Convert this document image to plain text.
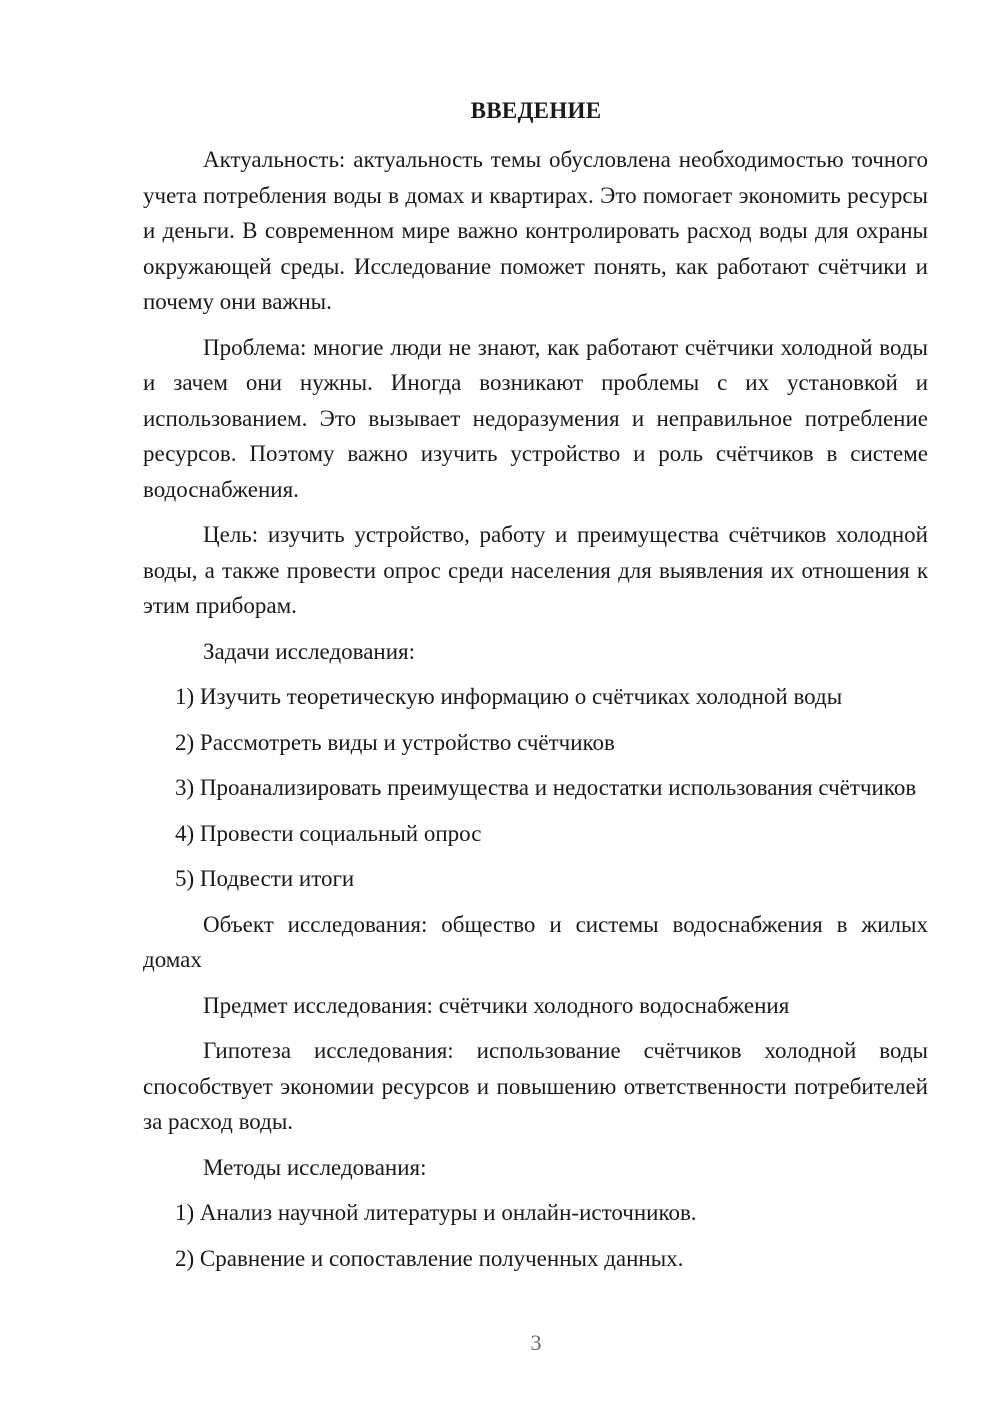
ВВЕДЕНИЕ

Актуальность: актуальность темы обусловлена необходимостью точного учета потребления воды в домах и квартирах. Это помогает экономить ресурсы и деньги. В современном мире важно контролировать расход воды для охраны окружающей среды. Исследование поможет понять, как работают счётчики и почему они важны.

Проблема: многие люди не знают, как работают счётчики холодной воды и зачем они нужны. Иногда возникают проблемы с их установкой и использованием. Это вызывает недоразумения и неправильное потребление ресурсов. Поэтому важно изучить устройство и роль счётчиков в системе водоснабжения.

Цель: изучить устройство, работу и преимущества счётчиков холодной воды, а также провести опрос среди населения для выявления их отношения к этим приборам.

Задачи исследования:

1) Изучить теоретическую информацию о счётчиках холодной воды

2) Рассмотреть виды и устройство счётчиков

3) Проанализировать преимущества и недостатки использования счётчиков

4) Провести социальный опрос

5) Подвести итоги

Объект исследования: общество и системы водоснабжения в жилых домах

Предмет исследования: счётчики холодного водоснабжения

Гипотеза исследования: использование счётчиков холодной воды способствует экономии ресурсов и повышению ответственности потребителей за расход воды.

Методы исследования:

1) Анализ научной литературы и онлайн-источников.

2) Сравнение и сопоставление полученных данных.

3
